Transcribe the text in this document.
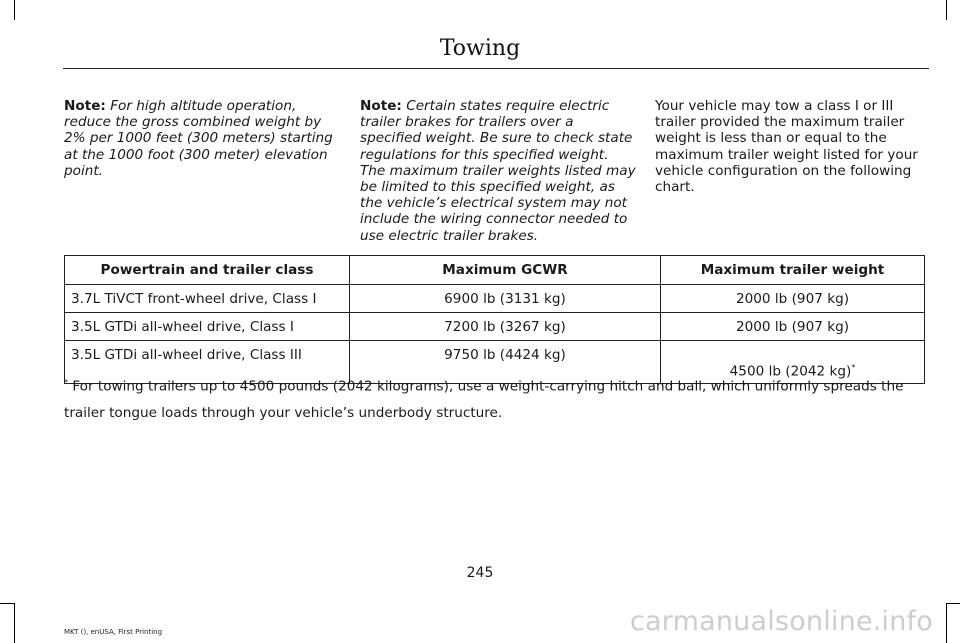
Towing
Note: For high altitude operation, reduce the gross combined weight by 2% per 1000 feet (300 meters) starting at the 1000 foot (300 meter) elevation point.
Note: Certain states require electric trailer brakes for trailers over a specified weight. Be sure to check state regulations for this specified weight. The maximum trailer weights listed may be limited to this specified weight, as the vehicle’s electrical system may not include the wiring connector needed to use electric trailer brakes.
Your vehicle may tow a class I or III trailer provided the maximum trailer weight is less than or equal to the maximum trailer weight listed for your vehicle configuration on the following chart.
Powertrain and trailer class	Maximum GCWR	Maximum trailer weight
3.7L TiVCT front-wheel drive, Class I	6900 lb (3131 kg)	2000 lb (907 kg)
3.5L GTDi all-wheel drive, Class I	7200 lb (3267 kg)	2000 lb (907 kg)
3.5L GTDi all-wheel drive, Class III	9750 lb (4424 kg)	4500 lb (2042 kg)*
* For towing trailers up to 4500 pounds (2042 kilograms), use a weight-carrying hitch and ball, which uniformly spreads the trailer tongue loads through your vehicle’s underbody structure.
245
MKT (), enUSA, First Printing	carmanualsonline.info
